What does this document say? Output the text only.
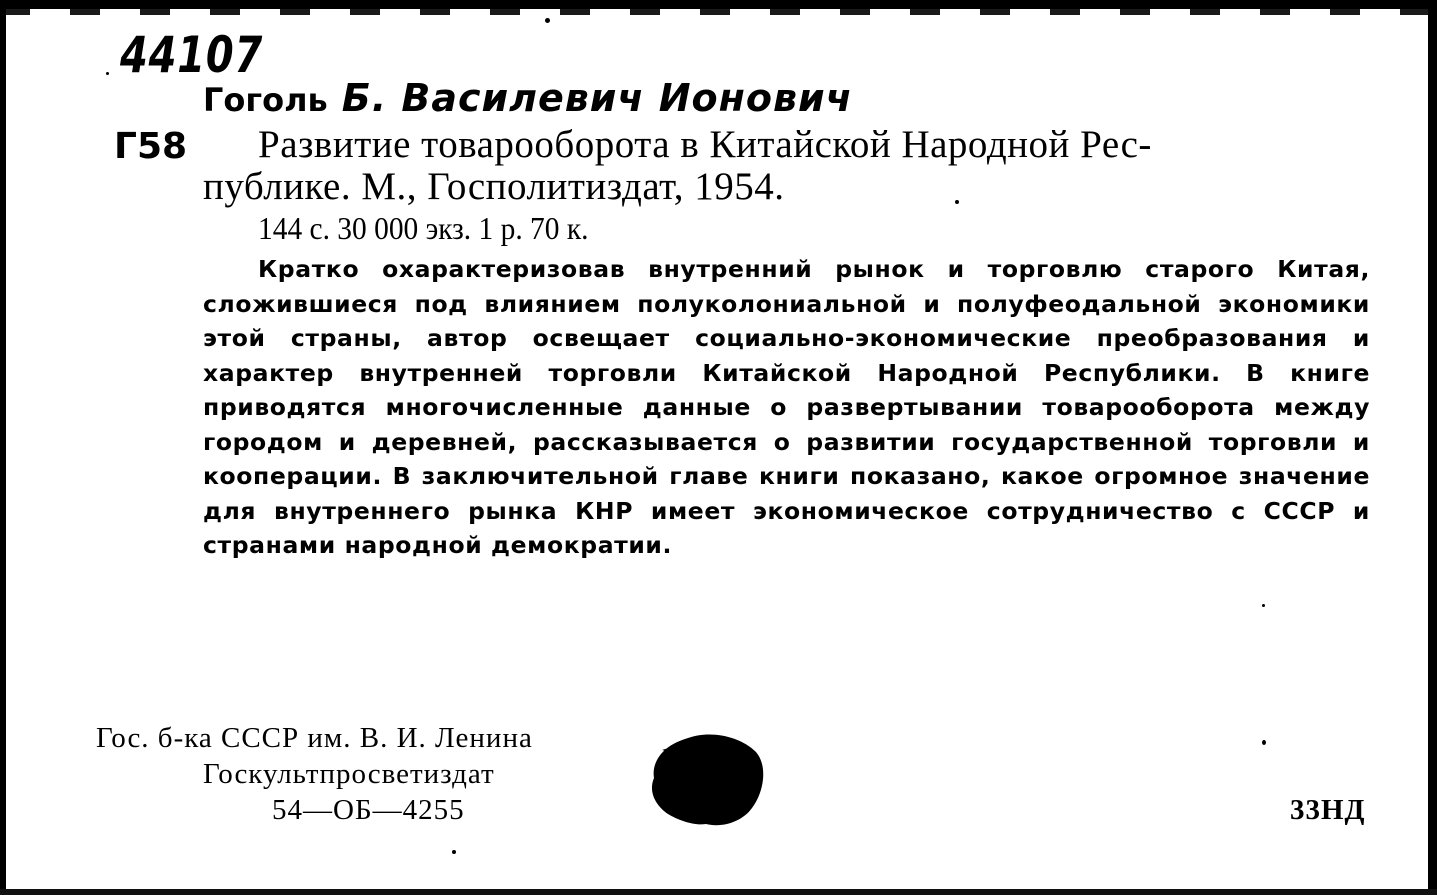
44107
Гоголь Б. Василевич Ионович
Г58 Развитие товарооборота в Китайской Народной Рес-
публике. М., Госполитиздат, 1954.
144 с. 30 000 экз. 1 р. 70 к.
Кратко охарактеризовав внутренний рынок и торговлю старого Китая, сложившиеся под влиянием полуколониальной и полуфеодальной экономики этой страны, автор освещает социально-экономические преобразования и характер внутренней торговли Китайской Народной Республики. В книге приводятся многочисленные данные о развертывании товарооборота между городом и деревней, рассказывается о развитии государственной торговли и кооперации. В заключительной главе книги показано, какое огромное значение для внутреннего рынка КНР имеет экономическое сотрудничество с СССР и странами народной демократии.
Гос. б-ка СССР им. В. И. Ленина
Госкультпросветиздат
54—ОБ—4255	33НД
